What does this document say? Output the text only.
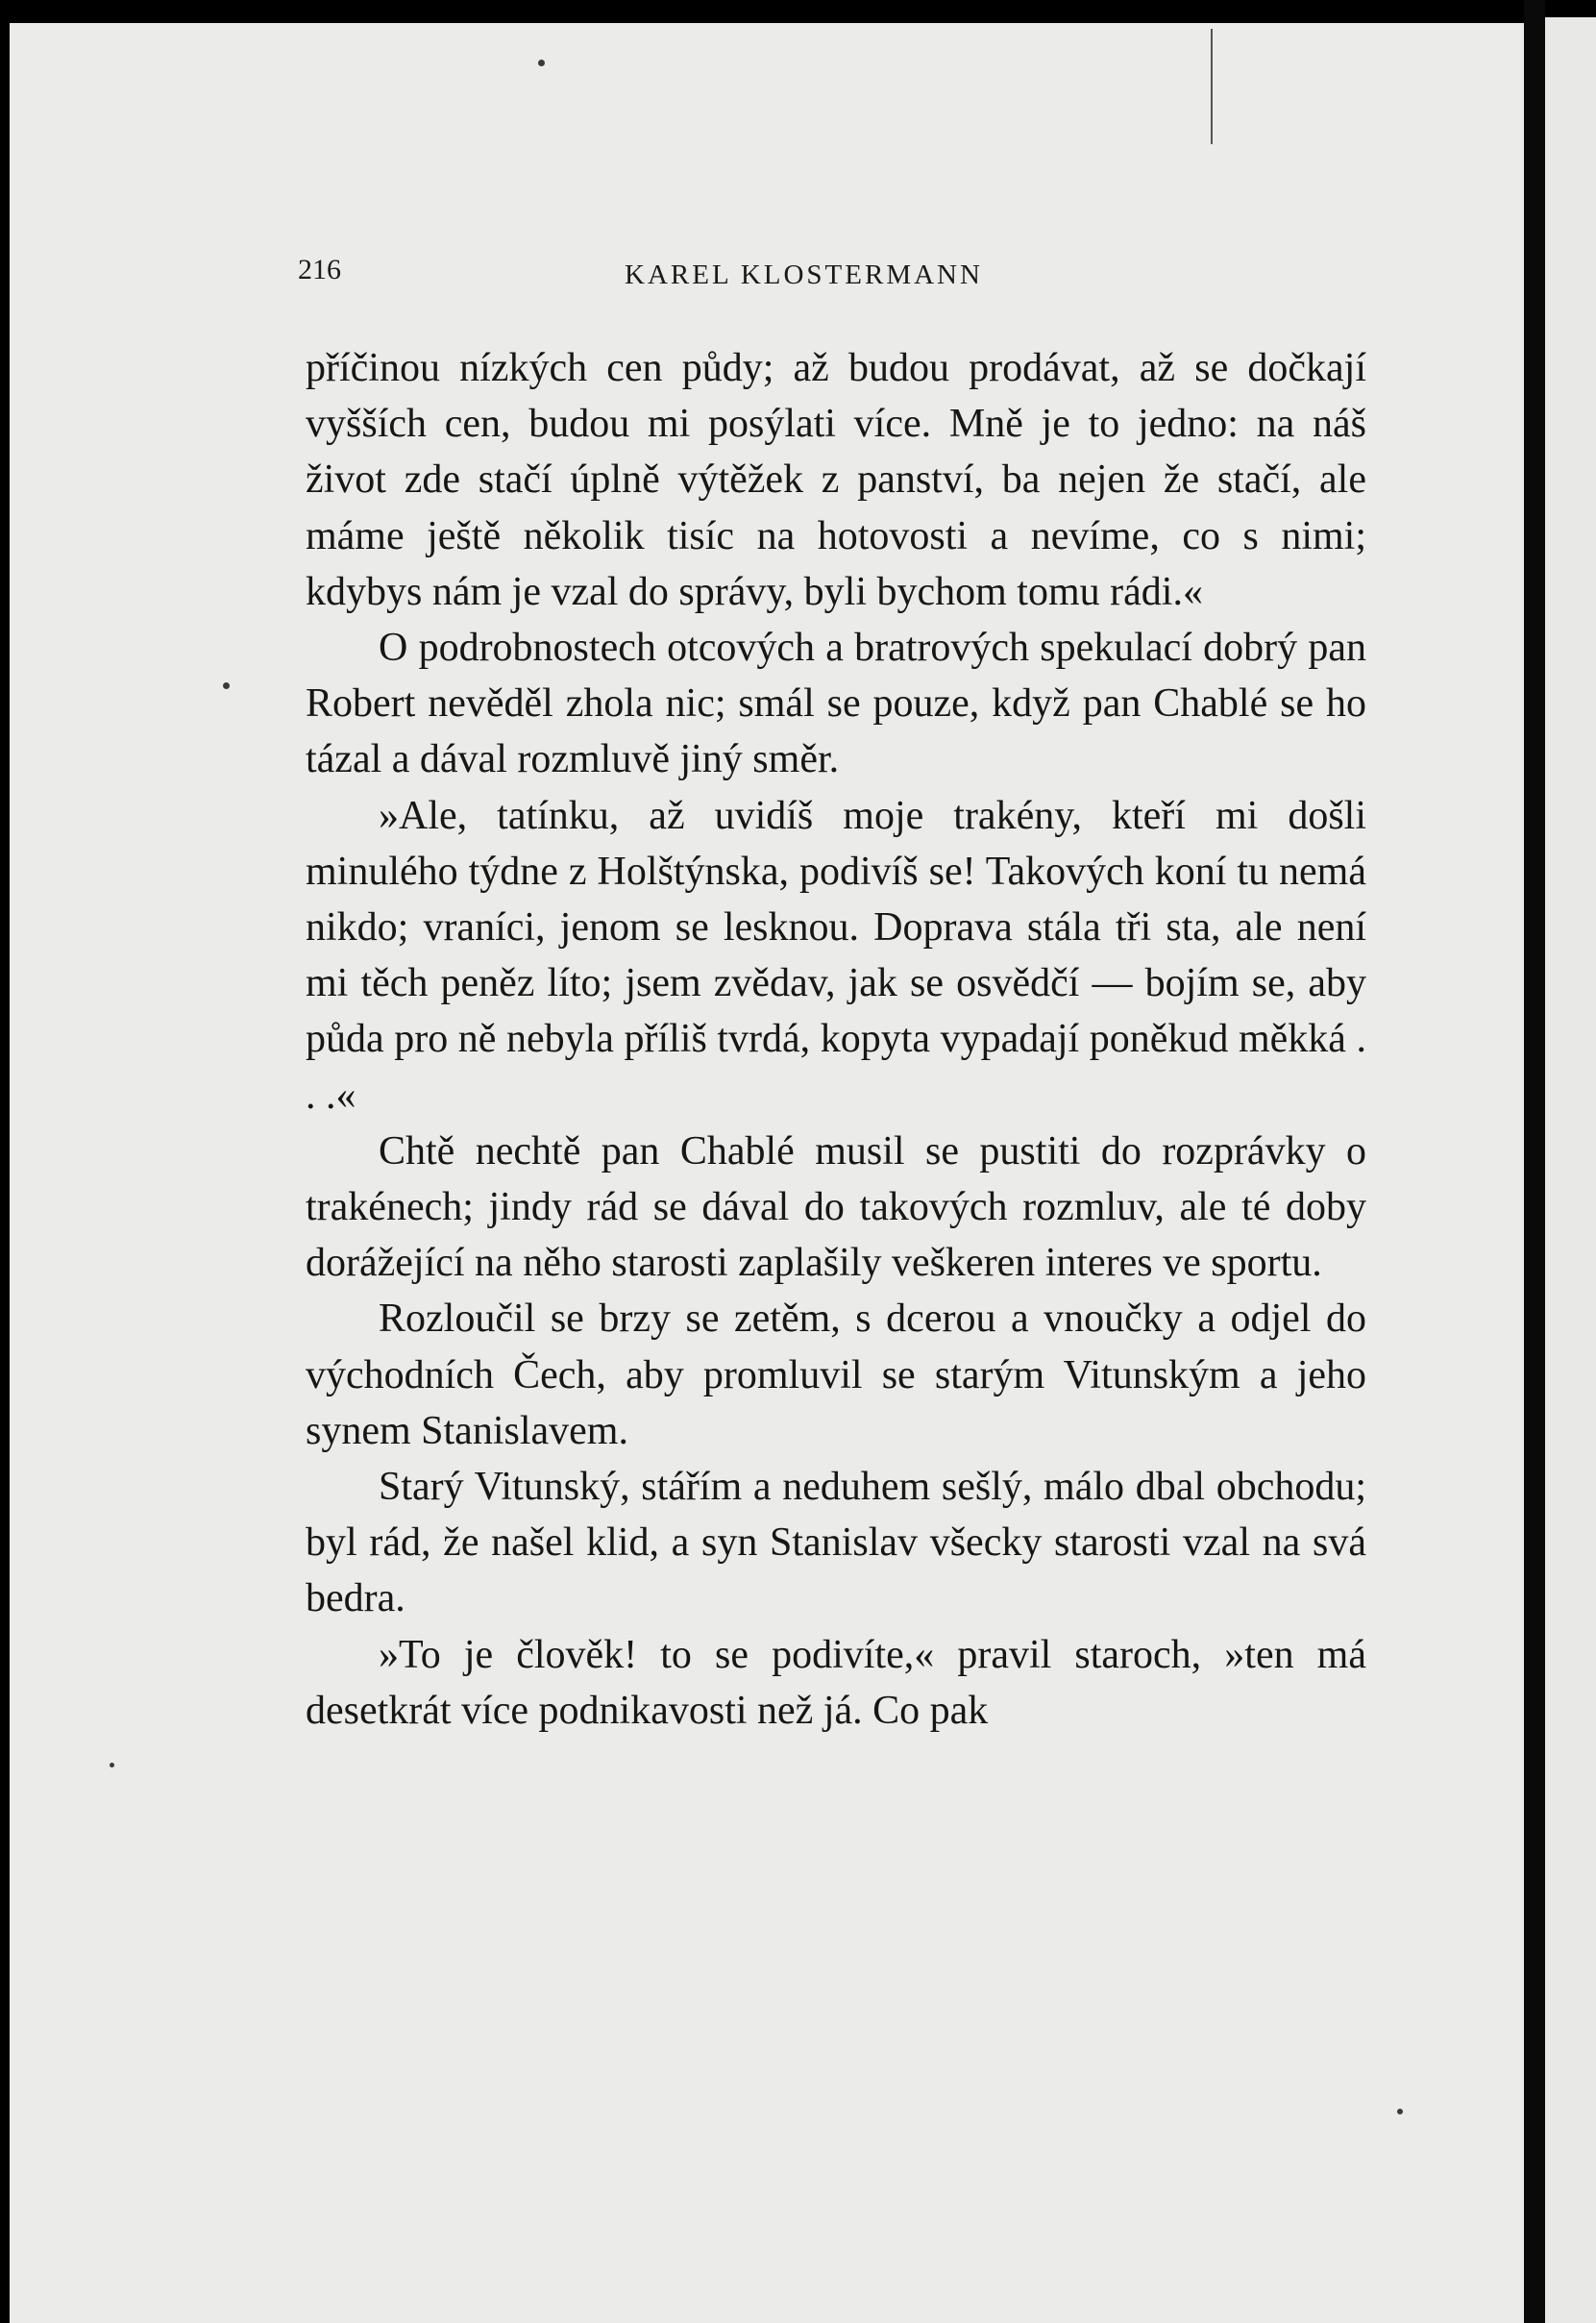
216	KAREL KLOSTERMANN

příčinou nízkých cen půdy; až budou prodávat, až se dočkají vyšších cen, budou mi posýlati více. Mně je to jedno: na náš život zde stačí úplně výtěžek z panství, ba nejen že stačí, ale máme ještě několik tisíc na hotovosti a nevíme, co s nimi; kdybys nám je vzal do správy, byli bychom tomu rádi.«

O podrobnostech otcových a bratrových spekulací dobrý pan Robert nevěděl zhola nic; smál se pouze, když pan Chablé se ho tázal a dával rozmluvě jiný směr.

»Ale, tatínku, až uvidíš moje trakény, kteří mi došli minulého týdne z Holštýnska, podivíš se! Takových koní tu nemá nikdo; vraníci, jenom se lesknou. Doprava stála tři sta, ale není mi těch peněz líto; jsem zvědav, jak se osvědčí — bojím se, aby půda pro ně nebyla příliš tvrdá, kopyta vypadají poněkud měkká . . .«

Chtě nechtě pan Chablé musil se pustiti do rozprávky o trakénech; jindy rád se dával do takových rozmluv, ale té doby dorážející na něho starosti zaplašily veškeren interes ve sportu.

Rozloučil se brzy se zetěm, s dcerou a vnoučky a odjel do východních Čech, aby promluvil se starým Vitunským a jeho synem Stanislavem.

Starý Vitunský, stářím a neduhem sešlý, málo dbal obchodu; byl rád, že našel klid, a syn Stanislav všecky starosti vzal na svá bedra.

»To je člověk! to se podivíte,« pravil staroch, »ten má desetkrát více podnikavosti než já. Co pak
